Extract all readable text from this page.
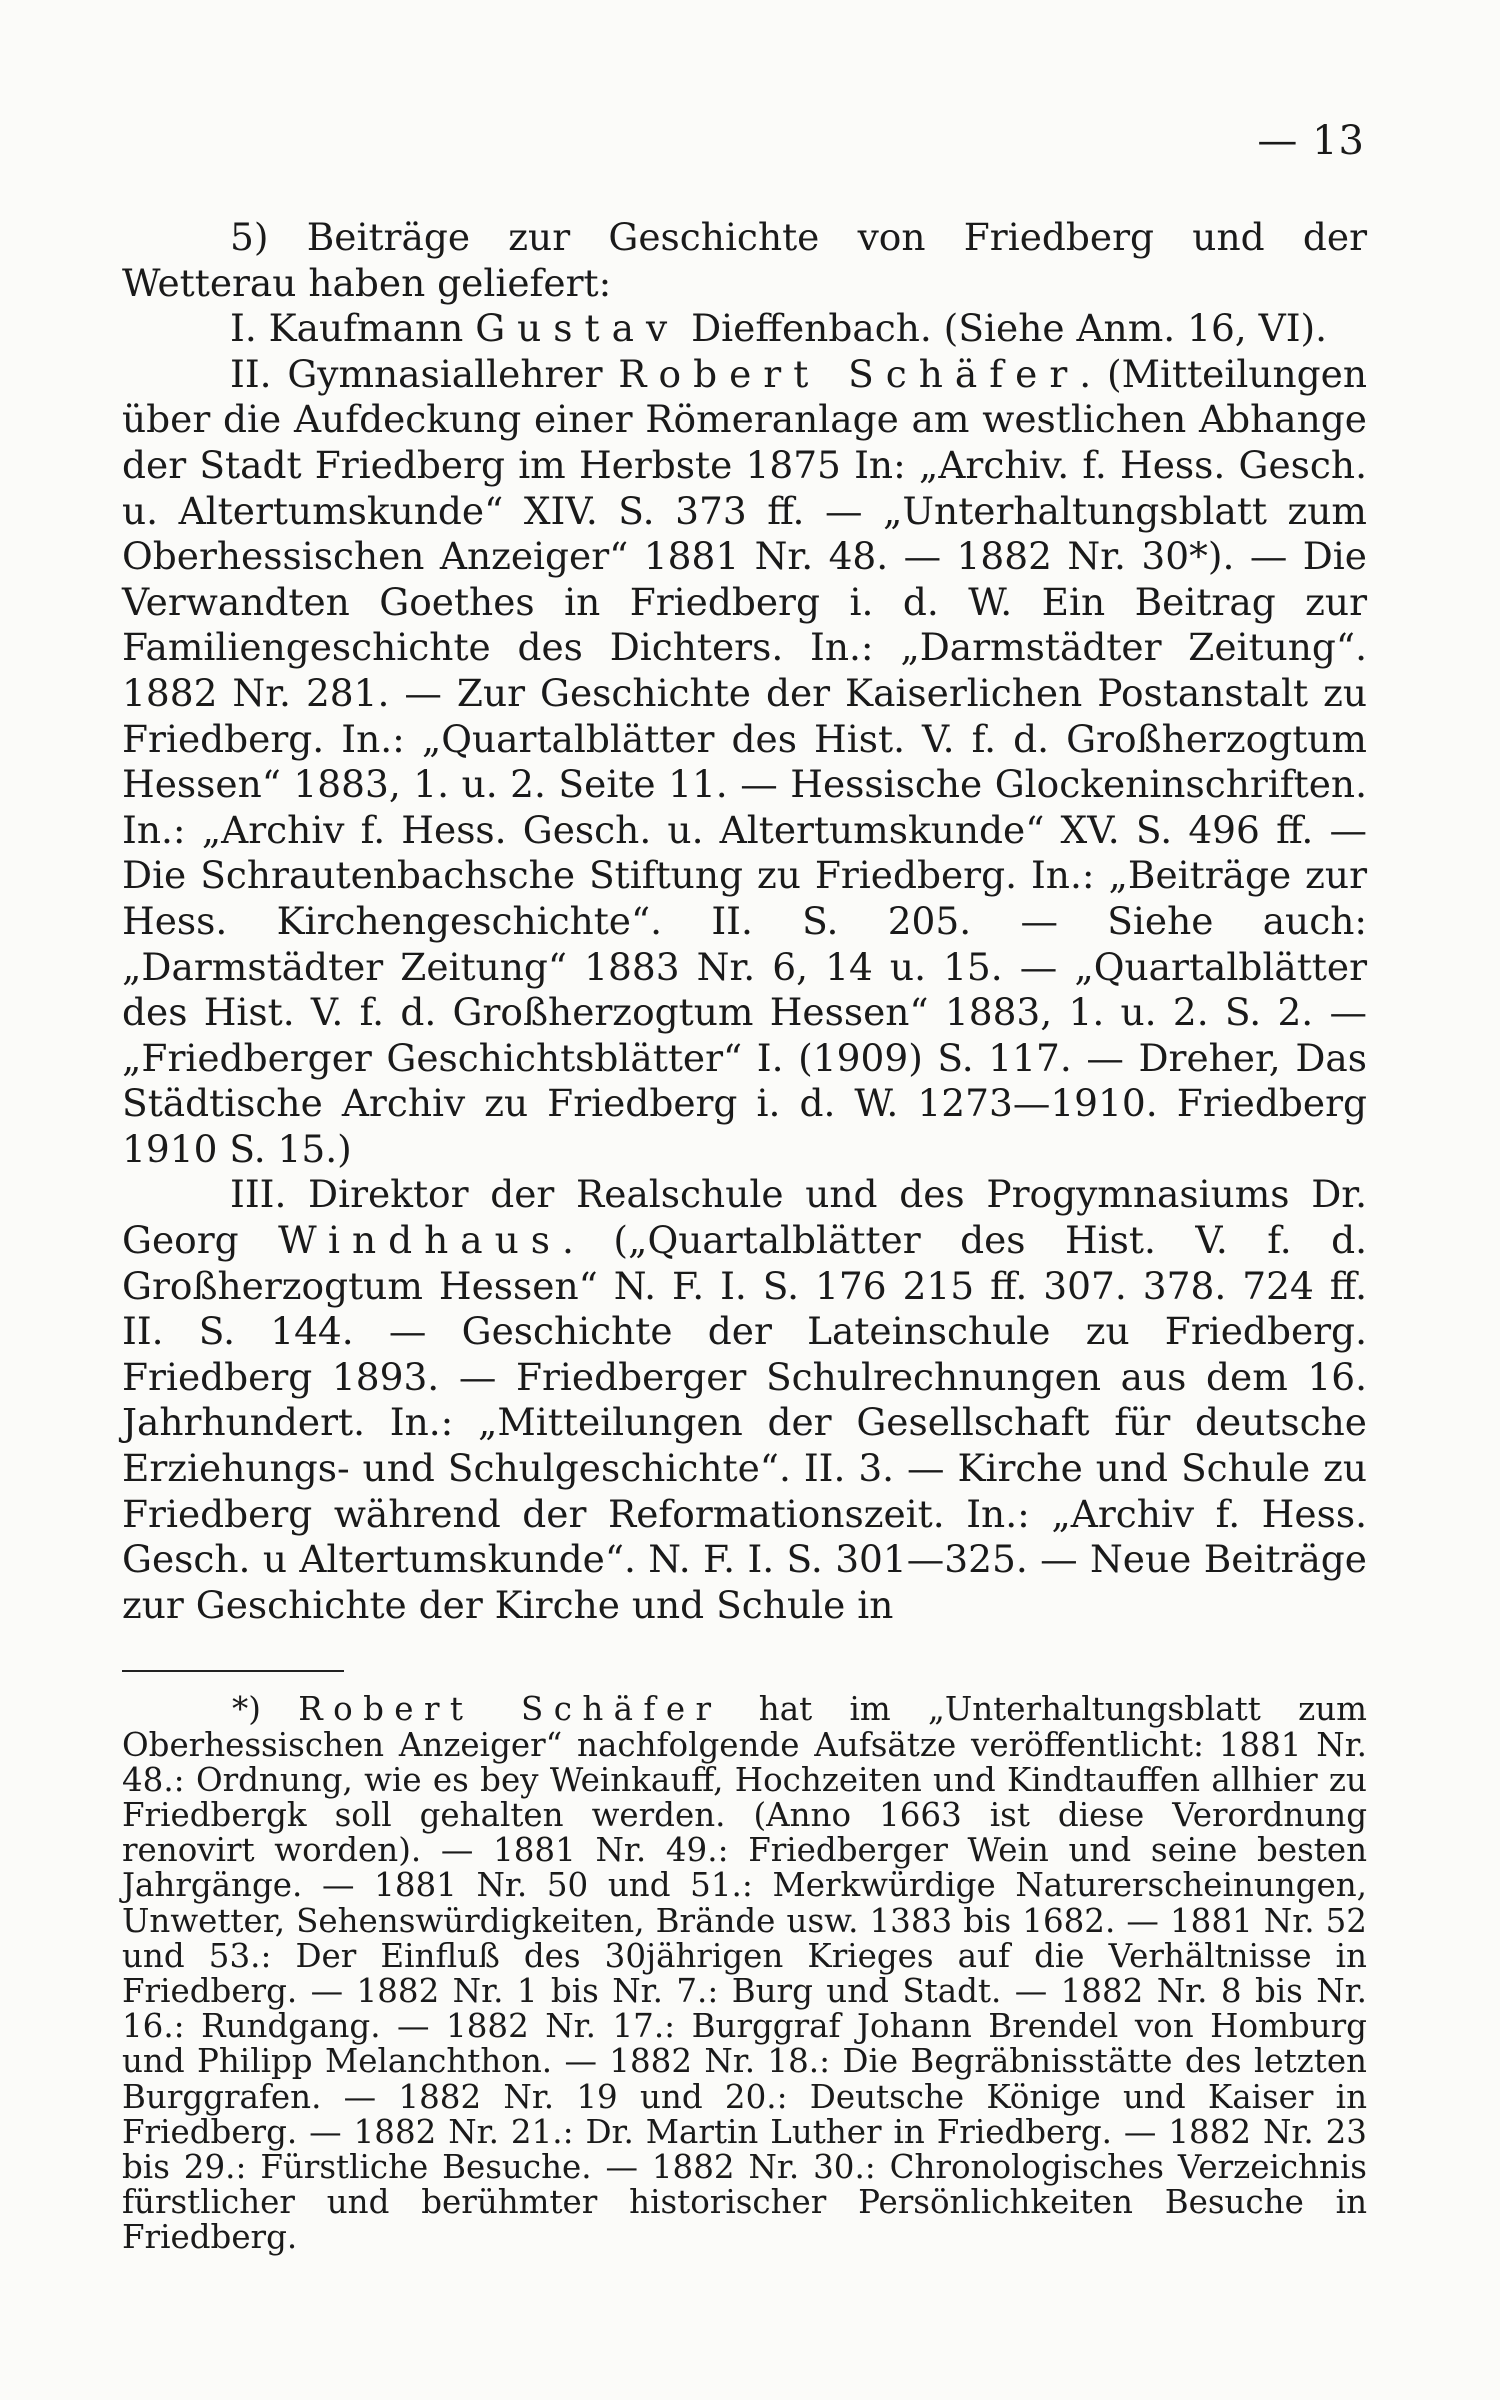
— 13

5) Beiträge zur Geschichte von Friedberg und der Wetterau haben geliefert:

I. Kaufmann Gustav Dieffenbach. (Siehe Anm. 16, VI).

II. Gymnasiallehrer Robert Schäfer. (Mitteilungen über die Aufdeckung einer Römeranlage am westlichen Abhange der Stadt Friedberg im Herbste 1875 In: „Archiv. f. Hess. Gesch. u. Altertumskunde“ XIV. S. 373 ff. — „Unterhaltungsblatt zum Oberhessischen Anzeiger“ 1881 Nr. 48. — 1882 Nr. 30*). — Die Verwandten Goethes in Friedberg i. d. W. Ein Beitrag zur Familiengeschichte des Dichters. In.: „Darmstädter Zeitung“. 1882 Nr. 281. — Zur Geschichte der Kaiserlichen Postanstalt zu Friedberg. In.: „Quartalblätter des Hist. V. f. d. Großherzogtum Hessen“ 1883, 1. u. 2. Seite 11. — Hessische Glockeninschriften. In.: „Archiv f. Hess. Gesch. u. Altertumskunde“ XV. S. 496 ff. — Die Schrautenbachsche Stiftung zu Friedberg. In.: „Beiträge zur Hess. Kirchengeschichte“. II. S. 205. — Siehe auch: „Darmstädter Zeitung“ 1883 Nr. 6, 14 u. 15. — „Quartalblätter des Hist. V. f. d. Großherzogtum Hessen“ 1883, 1. u. 2. S. 2. — „Friedberger Geschichtsblätter“ I. (1909) S. 117. — Dreher, Das Städtische Archiv zu Friedberg i. d. W. 1273—1910. Friedberg 1910 S. 15.)

III. Direktor der Realschule und des Progymnasiums Dr. Georg Windhaus. („Quartalblätter des Hist. V. f. d. Großherzogtum Hessen“ N. F. I. S. 176 215 ff. 307. 378. 724 ff. II. S. 144. — Geschichte der Lateinschule zu Friedberg. Friedberg 1893. — Friedberger Schulrechnungen aus dem 16. Jahrhundert. In.: „Mitteilungen der Gesellschaft für deutsche Erziehungs- und Schulgeschichte“. II. 3. — Kirche und Schule zu Friedberg während der Reformationszeit. In.: „Archiv f. Hess. Gesch. u Altertumskunde“. N. F. I. S. 301—325. — Neue Beiträge zur Geschichte der Kirche und Schule in

*) Robert Schäfer hat im „Unterhaltungsblatt zum Oberhessischen Anzeiger“ nachfolgende Aufsätze veröffentlicht: 1881 Nr. 48.: Ordnung, wie es bey Weinkauff, Hochzeiten und Kindtauffen allhier zu Friedbergk soll gehalten werden. (Anno 1663 ist diese Verordnung renovirt worden). — 1881 Nr. 49.: Friedberger Wein und seine besten Jahrgänge. — 1881 Nr. 50 und 51.: Merkwürdige Naturerscheinungen, Unwetter, Sehenswürdigkeiten, Brände usw. 1383 bis 1682. — 1881 Nr. 52 und 53.: Der Einfluß des 30jährigen Krieges auf die Verhältnisse in Friedberg. — 1882 Nr. 1 bis Nr. 7.: Burg und Stadt. — 1882 Nr. 8 bis Nr. 16.: Rundgang. — 1882 Nr. 17.: Burggraf Johann Brendel von Homburg und Philipp Melanchthon. — 1882 Nr. 18.: Die Begräbnisstätte des letzten Burggrafen. — 1882 Nr. 19 und 20.: Deutsche Könige und Kaiser in Friedberg. — 1882 Nr. 21.: Dr. Martin Luther in Friedberg. — 1882 Nr. 23 bis 29.: Fürstliche Besuche. — 1882 Nr. 30.: Chronologisches Verzeichnis fürstlicher und berühmter historischer Persönlichkeiten Besuche in Friedberg.
